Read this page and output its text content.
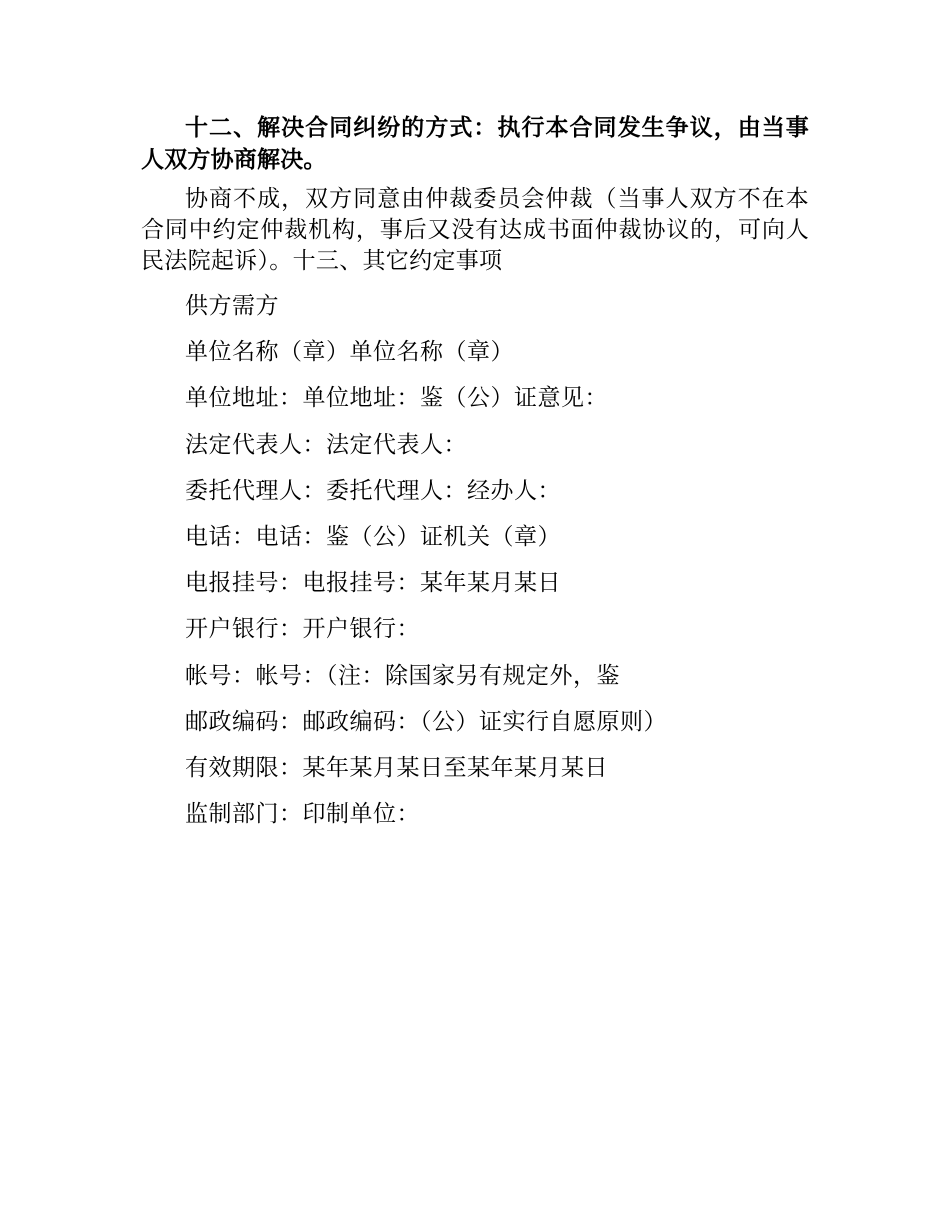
十二、解决合同纠纷的方式：执行本合同发生争议，由当事人双方协商解决。

协商不成，双方同意由仲裁委员会仲裁（当事人双方不在本合同中约定仲裁机构，事后又没有达成书面仲裁协议的，可向人民法院起诉）。十三、其它约定事项

供方需方

单位名称（章）单位名称（章）

单位地址：单位地址：鉴（公）证意见：

法定代表人：法定代表人：

委托代理人：委托代理人：经办人：

电话：电话：鉴（公）证机关（章）

电报挂号：电报挂号：某年某月某日

开户银行：开户银行：

帐号：帐号：（注：除国家另有规定外，鉴

邮政编码：邮政编码：（公）证实行自愿原则）

有效期限：某年某月某日至某年某月某日

监制部门：印制单位：
